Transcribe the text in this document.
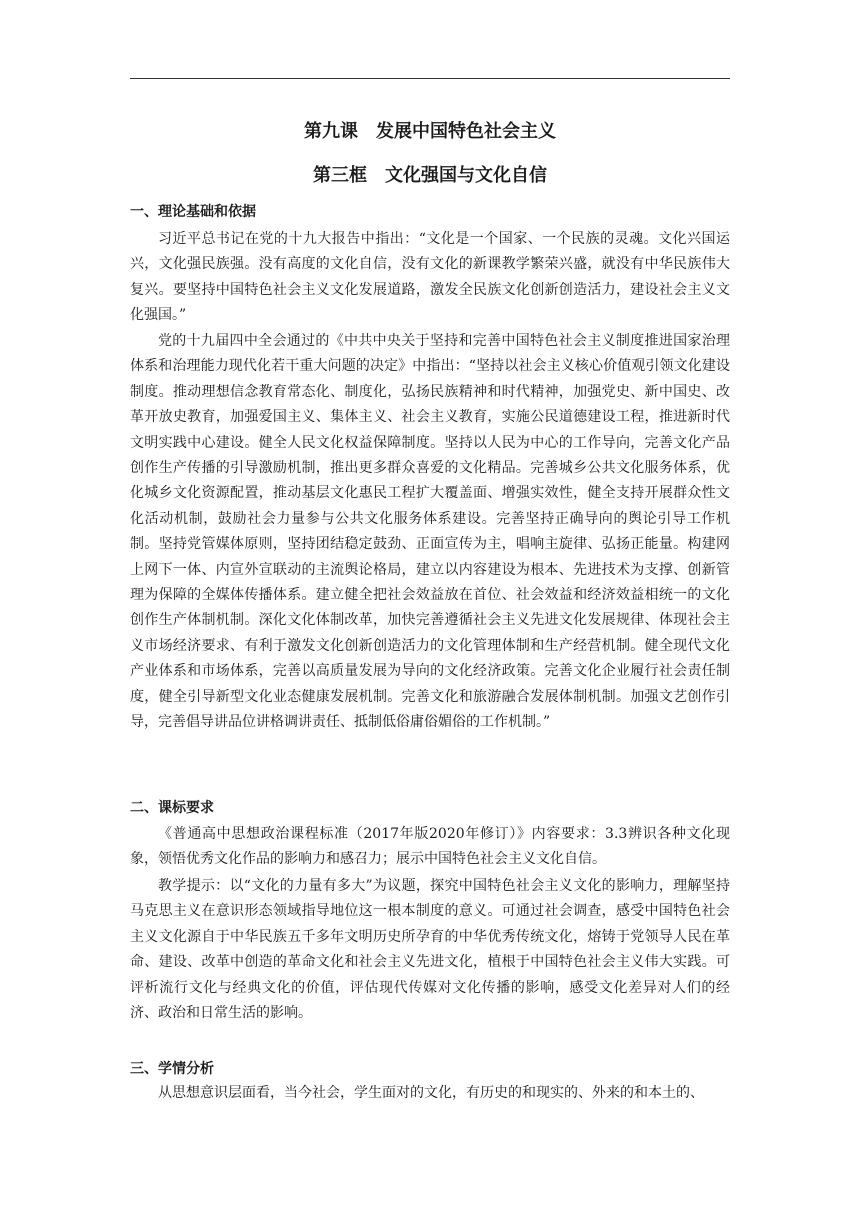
第九课　发展中国特色社会主义
第三框　文化强国与文化自信
一、理论基础和依据

习近平总书记在党的十九大报告中指出：“文化是一个国家、一个民族的灵魂。文化兴国运兴，文化强民族强。没有高度的文化自信，没有文化的新课教学繁荣兴盛，就没有中华民族伟大复兴。要坚持中国特色社会主义文化发展道路，激发全民族文化创新创造活力，建设社会主义文化强国。”

党的十九届四中全会通过的《中共中央关于坚持和完善中国特色社会主义制度推进国家治理体系和治理能力现代化若干重大问题的决定》中指出：“坚持以社会主义核心价值观引领文化建设制度。推动理想信念教育常态化、制度化，弘扬民族精神和时代精神，加强党史、新中国史、改革开放史教育，加强爱国主义、集体主义、社会主义教育，实施公民道德建设工程，推进新时代文明实践中心建设。健全人民文化权益保障制度。坚持以人民为中心的工作导向，完善文化产品创作生产传播的引导激励机制，推出更多群众喜爱的文化精品。完善城乡公共文化服务体系，优化城乡文化资源配置，推动基层文化惠民工程扩大覆盖面、增强实效性，健全支持开展群众性文化活动机制，鼓励社会力量参与公共文化服务体系建设。完善坚持正确导向的舆论引导工作机制。坚持党管媒体原则，坚持团结稳定鼓劲、正面宣传为主，唱响主旋律、弘扬正能量。构建网上网下一体、内宣外宣联动的主流舆论格局，建立以内容建设为根本、先进技术为支撑、创新管理为保障的全媒体传播体系。建立健全把社会效益放在首位、社会效益和经济效益相统一的文化创作生产体制机制。深化文化体制改革，加快完善遵循社会主义先进文化发展规律、体现社会主义市场经济要求、有利于激发文化创新创造活力的文化管理体制和生产经营机制。健全现代文化产业体系和市场体系，完善以高质量发展为导向的文化经济政策。完善文化企业履行社会责任制度，健全引导新型文化业态健康发展机制。完善文化和旅游融合发展体制机制。加强文艺创作引导，完善倡导讲品位讲格调讲责任、抵制低俗庸俗媚俗的工作机制。”

二、课标要求

《普通高中思想政治课程标准（2017年版2020年修订）》内容要求：3.3辨识各种文化现象，领悟优秀文化作品的影响力和感召力；展示中国特色社会主义文化自信。

教学提示：以“文化的力量有多大”为议题，探究中国特色社会主义文化的影响力，理解坚持马克思主义在意识形态领域指导地位这一根本制度的意义。可通过社会调查，感受中国特色社会主义文化源自于中华民族五千多年文明历史所孕育的中华优秀传统文化，熔铸于党领导人民在革命、建设、改革中创造的革命文化和社会主义先进文化，植根于中国特色社会主义伟大实践。可评析流行文化与经典文化的价值，评估现代传媒对文化传播的影响，感受文化差异对人们的经济、政治和日常生活的影响。

三、学情分析

从思想意识层面看，当今社会，学生面对的文化，有历史的和现实的、外来的和本土的、
